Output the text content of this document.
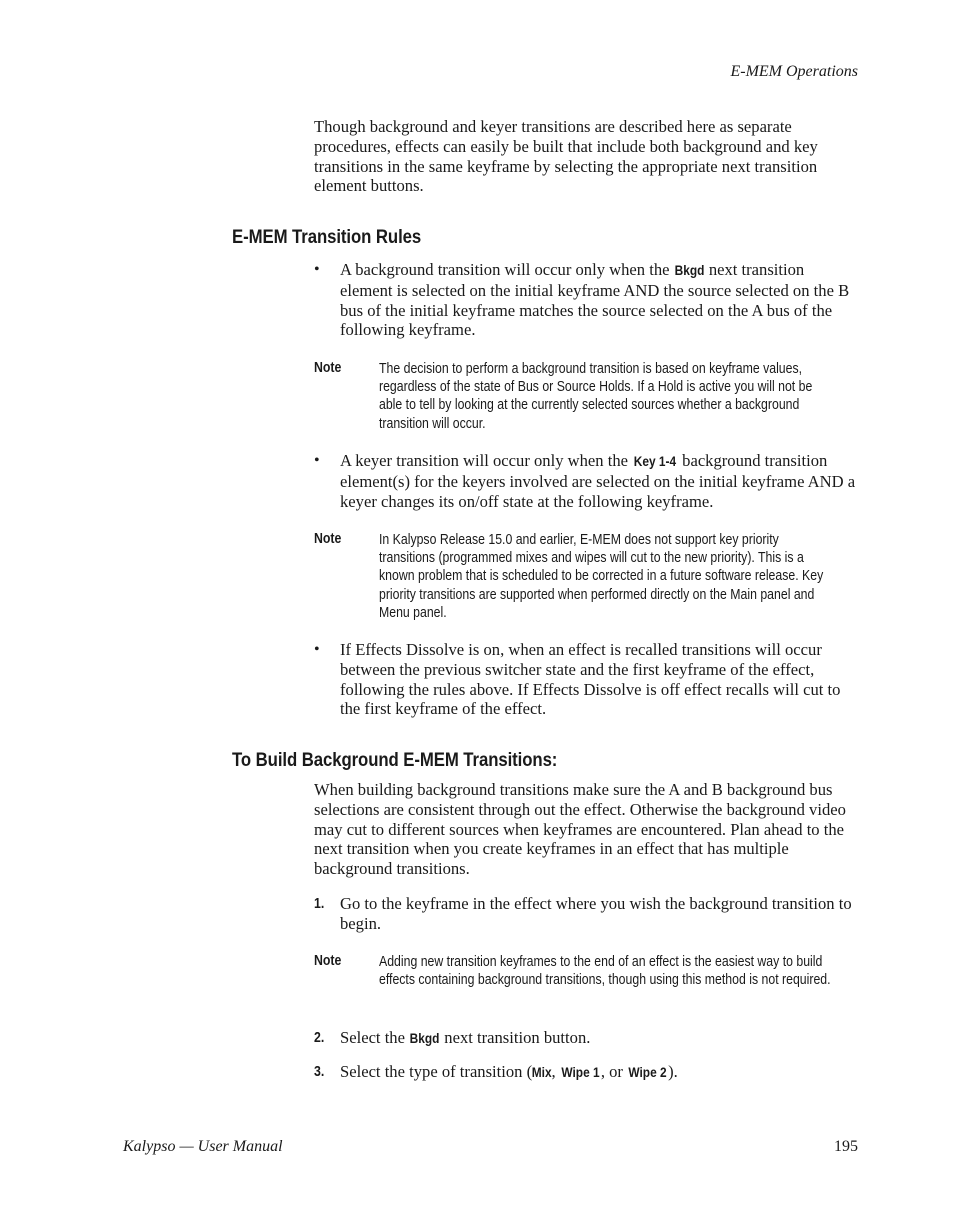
E-MEM Operations

Though background and keyer transitions are described here as separate procedures, effects can easily be built that include both background and key transitions in the same keyframe by selecting the appropriate next transition element buttons.

E-MEM Transition Rules
• A background transition will occur only when the Bkgd next transition element is selected on the initial keyframe AND the source selected on the B bus of the initial keyframe matches the source selected on the A bus of the following keyframe.
Note	The decision to perform a background transition is based on keyframe values, regardless of the state of Bus or Source Holds. If a Hold is active you will not be able to tell by looking at the currently selected sources whether a background transition will occur.
• A keyer transition will occur only when the Key 1-4 background transition element(s) for the keyers involved are selected on the initial keyframe AND a keyer changes its on/off state at the following keyframe.
Note	In Kalypso Release 15.0 and earlier, E-MEM does not support key priority transitions (programmed mixes and wipes will cut to the new priority). This is a known problem that is scheduled to be corrected in a future software release. Key priority transitions are supported when performed directly on the Main panel and Menu panel.
• If Effects Dissolve is on, when an effect is recalled transitions will occur between the previous switcher state and the first keyframe of the effect, following the rules above. If Effects Dissolve is off effect recalls will cut to the first keyframe of the effect.
To Build Background E-MEM Transitions:

When building background transitions make sure the A and B background bus selections are consistent through out the effect. Otherwise the background video may cut to different sources when keyframes are encountered. Plan ahead to the next transition when you create keyframes in an effect that has multiple background transitions.

1. Go to the keyframe in the effect where you wish the background transition to begin.
Note	Adding new transition keyframes to the end of an effect is the easiest way to build effects containing background transitions, though using this method is not required.
2. Select the Bkgd next transition button.
3. Select the type of transition (Mix, Wipe 1, or Wipe 2).
Kalypso — User Manual	195
